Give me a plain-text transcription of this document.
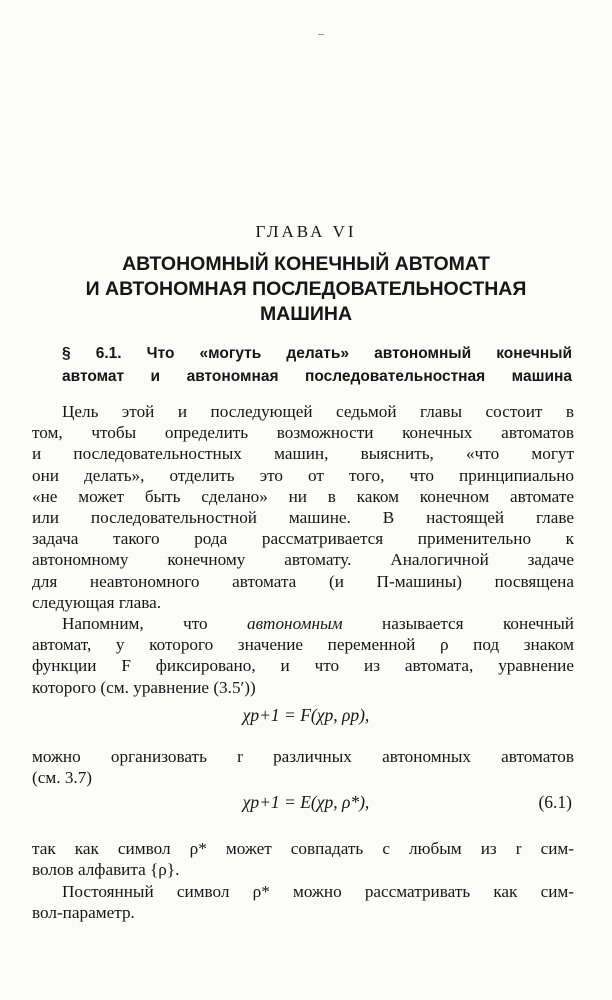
ГЛАВА VI
АВТОНОМНЫЙ КОНЕЧНЫЙ АВТОМАТ
И АВТОНОМНАЯ ПОСЛЕДОВАТЕЛЬНОСТНАЯ
МАШИНА
§ 6.1. Что «могуть делать» автономный конечный
автомат и автономная последовательностная машина
Цель этой и последующей седьмой главы состоит в
том, чтобы определить возможности конечных автоматов
и последовательностных машин, выяснить, «что могут
они делать», отделить это от того, что принципиально
«не может быть сделано» ни в каком конечном автомате
или последовательностной машине. В настоящей главе
задача такого рода рассматривается применительно к
автономному конечному автомату. Аналогичной задаче
для неавтономного автомата (и П-машины) посвящена
следующая глава.
Напомним, что автономным называется конечный
автомат, у которого значение переменной ρ под знаком
функции F фиксировано, и что из автомата, уравнение
которого (см. уравнение (3.5′))
χp+1 = F(χp, ρp),
можно организовать r различных автономных автоматов
(см. 3.7)
χp+1 = E(χp, ρ*),	(6.1)
так как символ ρ* может совпадать с любым из r сим-
волов алфавита {ρ}.
Постоянный символ ρ* можно рассматривать как сим-
вол-параметр.
